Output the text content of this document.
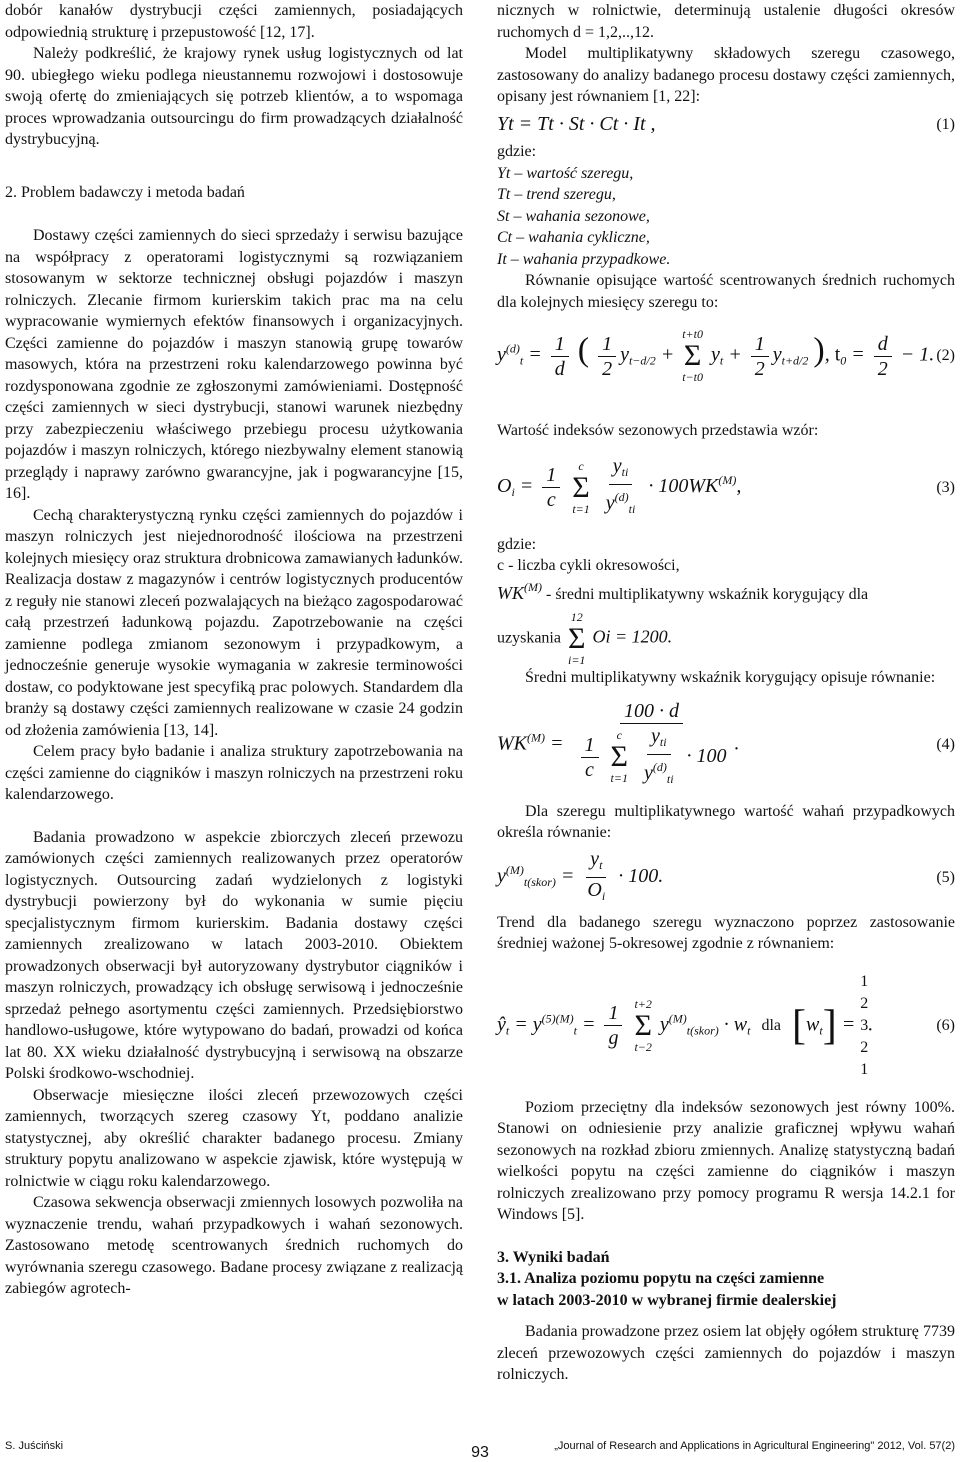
dobór kanałów dystrybucji części zamiennych, posiadających odpowiednią strukturę i przepustowość [12, 17].

Należy podkreślić, że krajowy rynek usług logistycznych od lat 90. ubiegłego wieku podlega nieustannemu rozwojowi i dostosowuje swoją ofertę do zmieniających się potrzeb klientów, a to wspomaga proces wprowadzania outsourcingu do firm prowadzących działalność dystrybucyjną.

2. Problem badawczy i metoda badań

Dostawy części zamiennych do sieci sprzedaży i serwisu bazujące na współpracy z operatorami logistycznymi są rozwiązaniem stosowanym w sektorze technicznej obsługi pojazdów i maszyn rolniczych. Zlecanie firmom kurierskim takich prac ma na celu wypracowanie wymiernych efektów finansowych i organizacyjnych. Części zamienne do pojazdów i maszyn stanowią grupę towarów masowych, która na przestrzeni roku kalendarzowego powinna być rozdysponowana zgodnie ze zgłoszonymi zamówieniami. Dostępność części zamiennych w sieci dystrybucji, stanowi warunek niezbędny przy zabezpieczeniu właściwego przebiegu procesu użytkowania pojazdów i maszyn rolniczych, którego niezbywalny element stanowią przeglądy i naprawy zarówno gwarancyjne, jak i pogwarancyjne [15, 16].

Cechą charakterystyczną rynku części zamiennych do pojazdów i maszyn rolniczych jest niejednorodność ilościowa na przestrzeni kolejnych miesięcy oraz struktura drobnicowa zamawianych ładunków. Realizacja dostaw z magazynów i centrów logistycznych producentów z reguły nie stanowi zleceń pozwalających na bieżąco zagospodarować całą przestrzeń ładunkową pojazdu. Zapotrzebowanie na części zamienne podlega zmianom sezonowym i przypadkowym, a jednocześnie generuje wysokie wymagania w zakresie terminowości dostaw, co podyktowane jest specyfiką prac polowych. Standardem dla branży są dostawy części zamiennych realizowane w czasie 24 godzin od złożenia zamówienia [13, 14].

Celem pracy było badanie i analiza struktury zapotrzebowania na części zamienne do ciągników i maszyn rolniczych na przestrzeni roku kalendarzowego.

Badania prowadzono w aspekcie zbiorczych zleceń przewozu zamówionych części zamiennych realizowanych przez operatorów logistycznych. Outsourcing zadań wydzielonych z logistyki dystrybucji powierzony był do wykonania w sumie pięciu specjalistycznym firmom kurierskim. Badania dostawy części zamiennych zrealizowano w latach 2003-2010. Obiektem prowadzonych obserwacji był autoryzowany dystrybutor ciągników i maszyn rolniczych, prowadzący ich obsługę serwisową i jednocześnie sprzedaż pełnego asortymentu części zamiennych. Przedsiębiorstwo handlowo-usługowe, które wytypowano do badań, prowadzi od końca lat 80. XX wieku działalność dystrybucyjną i serwisową na obszarze Polski środkowo-wschodniej.

Obserwacje miesięczne ilości zleceń przewozowych części zamiennych, tworzących szereg czasowy Yt, poddano analizie statystycznej, aby określić charakter badanego procesu. Zmiany struktury popytu analizowano w aspekcie zjawisk, które występują w rolnictwie w ciągu roku kalendarzowego.

Czasowa sekwencja obserwacji zmiennych losowych pozwoliła na wyznaczenie trendu, wahań przypadkowych i wahań sezonowych. Zastosowano metodę scentrowanych średnich ruchomych do wyrównania szeregu czasowego. Badane procesy związane z realizacją zabiegów agrotech-

nicznych w rolnictwie, determinują ustalenie długości okresów ruchomych d = 1,2,..,12.

Model multiplikatywny składowych szeregu czasowego, zastosowany do analizy badanego procesu dostawy części zamiennych, opisany jest równaniem [1, 22]:

Yt = Tt · St · Ct · It ,	(1)

gdzie:

Yt – wartość szeregu,

Tt – trend szeregu,

St – wahania sezonowe,

Ct – wahania cykliczne,

It – wahania przypadkowe.

Równanie opisujące wartość scentrowanych średnich ruchomych dla kolejnych miesięcy szeregu to:

$y^{(d)}_t = \frac{1}{d}$ ( $\frac{1}{2} y_{t-d/2}$ +
t+t0
Σ
t−t0
$y_t + \frac{1}{2} y_{t+d/2}$ ), $t_0 = \frac{d}{2} - 1$. (2)

Wartość indeksów sezonowych przedstawia wzór:

$O_i = \frac{1}{c}$
c
Σ
t=1
$\frac{y_{ti}}{y^{(d)}_{ti}} \cdot 100WK^{(M)}$,	(3)

gdzie:

c - liczba cykli okresowości,

$WK^{(M)}$ - średni multiplikatywny wskaźnik korygujący dla

uzyskania
12
Σ
i=1
Oi = 1200.

Średni multiplikatywny wskaźnik korygujący opisuje równanie:

$WK^{(M)} = 100 \cdot d$
$\frac{1}{c}$
c
Σ
t=1
$\frac{y_{ti}}{y^{(d)}_{ti}} \cdot 100$ .	(4)

Dla szeregu multiplikatywnego wartość wahań przypadkowych określa równanie:

$y^{(M)}_{t(skor)} = \frac{y_t}{O_i} \cdot 100$.	(5)

Trend dla badanego szeregu wyznaczono poprzez zastosowanie średniej ważonej 5-okresowej zgodnie z równaniem:

$ŷ_t = y^{(5)(M)}_t = \frac{1}{g}$
t+2
Σ
t−2
$y^{(M)}_{t(skor)} \cdot w_t$ dla $[w_t]$ =
1
2
3
2
1
.	(6)

Poziom przeciętny dla indeksów sezonowych jest równy 100%. Stanowi on odniesienie przy analizie graficznej wpływu wahań sezonowych na rozkład zbioru zmiennych. Analizę statystyczną badań wielkości popytu na części zamienne do ciągników i maszyn rolniczych zrealizowano przy pomocy programu R wersja 14.2.1 for Windows [5].

3. Wyniki badań

3.1. Analiza poziomu popytu na części zamienne

w latach 2003-2010 w wybranej firmie dealerskiej

Badania prowadzone przez osiem lat objęły ogółem strukturę 7739 zleceń przewozowych części zamiennych do pojazdów i maszyn rolniczych.

S. Juściński	93	„Journal of Research and Applications in Agricultural Engineering" 2012, Vol. 57(2)
